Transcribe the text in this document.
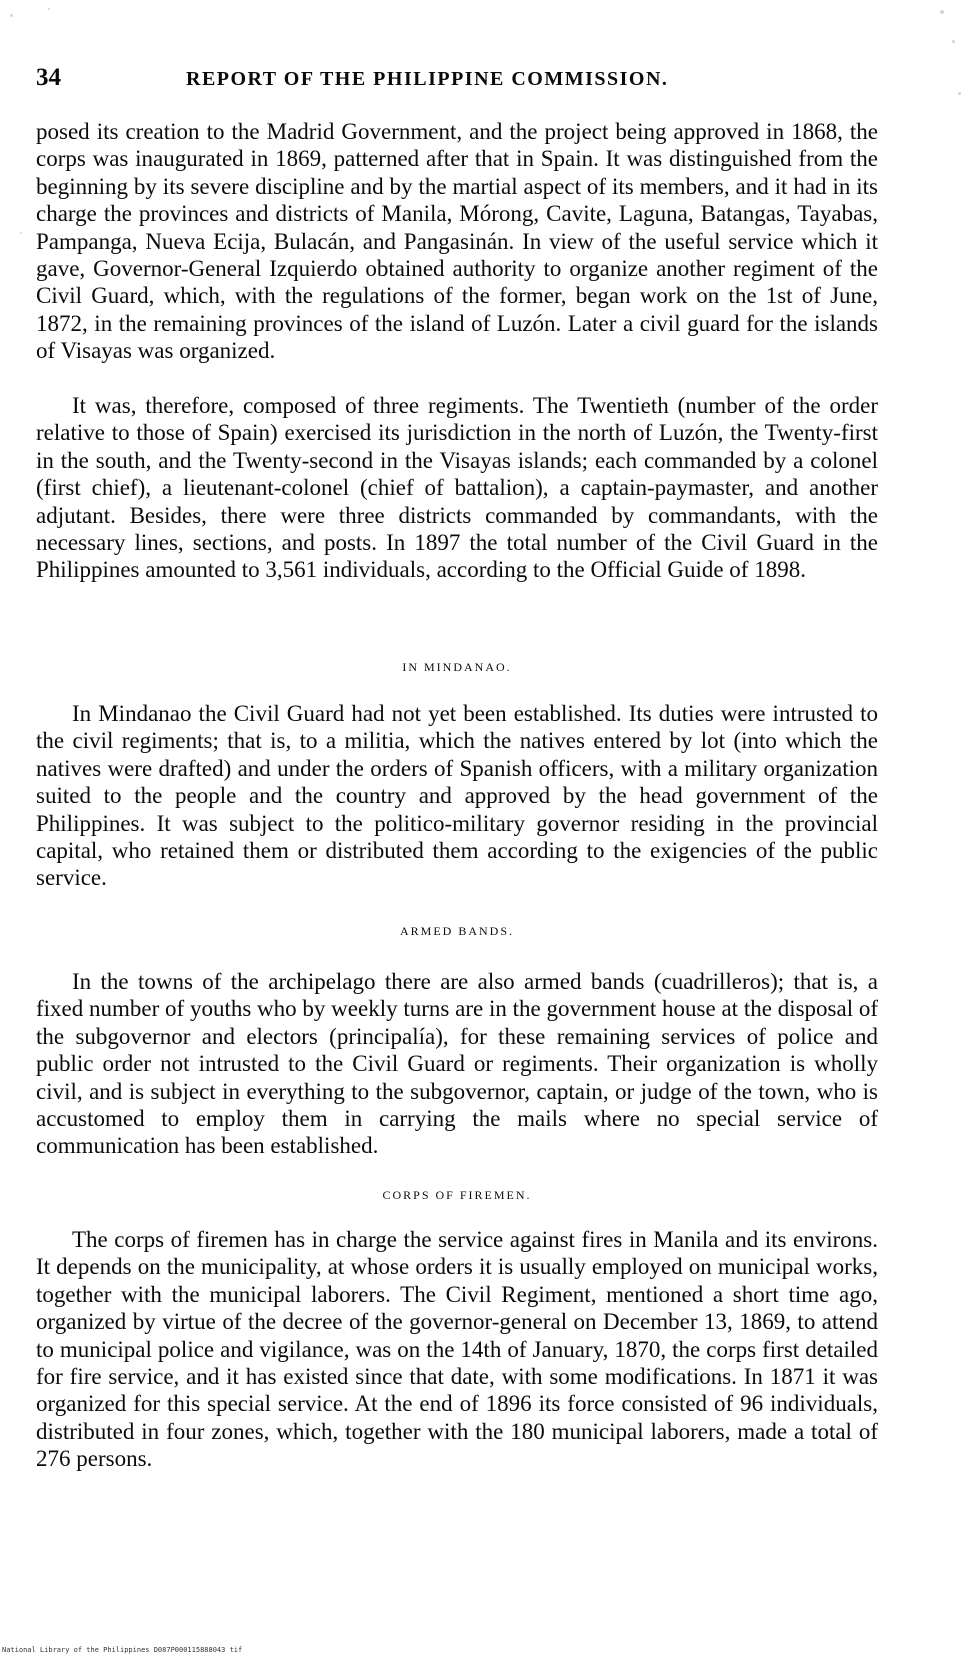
34	REPORT OF THE PHILIPPINE COMMISSION.

posed its creation to the Madrid Government, and the project being approved in 1868, the corps was inaugurated in 1869, patterned after that in Spain. It was distinguished from the beginning by its severe discipline and by the martial aspect of its members, and it had in its charge the provinces and districts of Manila, Mórong, Cavite, Laguna, Batangas, Tayabas, Pampanga, Nueva Ecija, Bulacán, and Pangasinán. In view of the useful service which it gave, Governor-General Izquierdo obtained authority to organize another regiment of the Civil Guard, which, with the regulations of the former, began work on the 1st of June, 1872, in the remaining provinces of the island of Luzón. Later a civil guard for the islands of Visayas was organized.

It was, therefore, composed of three regiments. The Twentieth (number of the order relative to those of Spain) exercised its jurisdiction in the north of Luzón, the Twenty-first in the south, and the Twenty-second in the Visayas islands; each commanded by a colonel (first chief), a lieutenant-colonel (chief of battalion), a captain-paymaster, and another adjutant. Besides, there were three districts commanded by commandants, with the necessary lines, sections, and posts. In 1897 the total number of the Civil Guard in the Philippines amounted to 3,561 individuals, according to the Official Guide of 1898.

IN MINDANAO.

In Mindanao the Civil Guard had not yet been established. Its duties were intrusted to the civil regiments; that is, to a militia, which the natives entered by lot (into which the natives were drafted) and under the orders of Spanish officers, with a military organization suited to the people and the country and approved by the head government of the Philippines. It was subject to the politico-military governor residing in the provincial capital, who retained them or distributed them according to the exigencies of the public service.

ARMED BANDS.

In the towns of the archipelago there are also armed bands (cuadrilleros); that is, a fixed number of youths who by weekly turns are in the government house at the disposal of the subgovernor and electors (principalía), for these remaining services of police and public order not intrusted to the Civil Guard or regiments. Their organization is wholly civil, and is subject in everything to the subgovernor, captain, or judge of the town, who is accustomed to employ them in carrying the mails where no special service of communication has been established.

CORPS OF FIREMEN.

The corps of firemen has in charge the service against fires in Manila and its environs. It depends on the municipality, at whose orders it is usually employed on municipal works, together with the municipal laborers. The Civil Regiment, mentioned a short time ago, organized by virtue of the decree of the governor-general on December 13, 1869, to attend to municipal police and vigilance, was on the 14th of January, 1870, the corps first detailed for fire service, and it has existed since that date, with some modifications. In 1871 it was organized for this special service. At the end of 1896 its force consisted of 96 individuals, distributed in four zones, which, together with the 180 municipal laborers, made a total of 276 persons.

National Library of the Philippines D087P000115888043 tif
